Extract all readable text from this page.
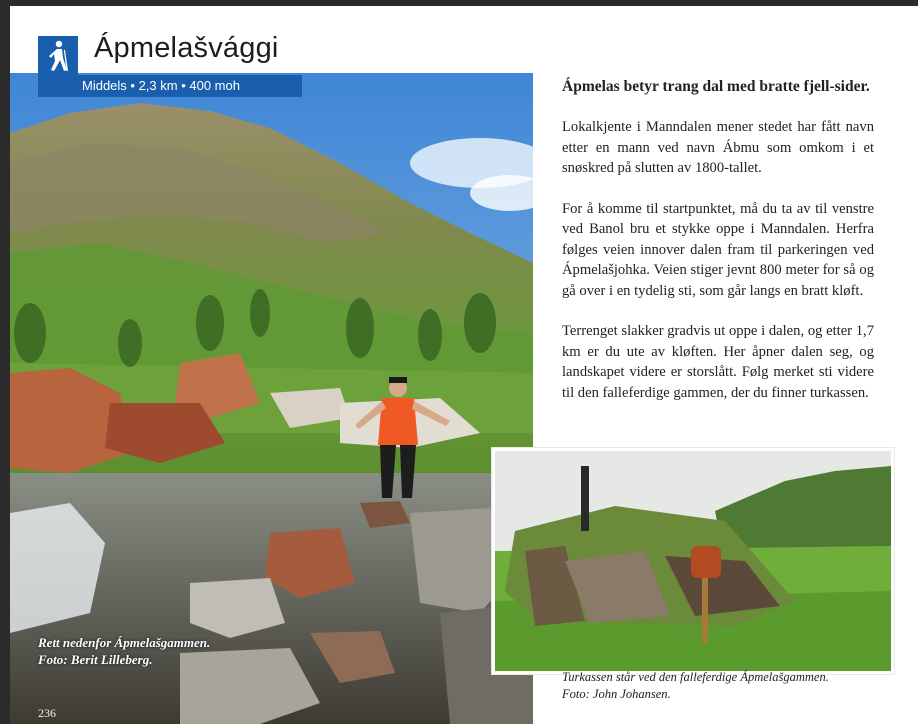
Ápmelašvággi
Middels • 2,3 km • 400 moh
Rett nedenfor Ápmelašgammen.
Foto: Berit Lilleberg.
236

Ápmelas betyr trang dal med bratte fjell-sider.

Lokalkjente i Manndalen mener stedet har fått navn etter en mann ved navn Ábmu som omkom i et snøskred på slutten av 1800-tallet.

For å komme til startpunktet, må du ta av til venstre ved Banol bru et stykke oppe i Manndalen. Herfra følges veien innover dalen fram til parkeringen ved Ápmelašjohka. Veien stiger jevnt 800 meter for så og gå over i en tydelig sti, som går langs en bratt kløft.

Terrenget slakker gradvis ut oppe i dalen, og etter 1,7 km er du ute av kløften. Her åpner dalen seg, og landskapet videre er storslått. Følg merket sti videre til den falleferdige gammen, der du finner turkassen.

Turkassen står ved den falleferdige Ápmelašgammen.
Foto: John Johansen.
